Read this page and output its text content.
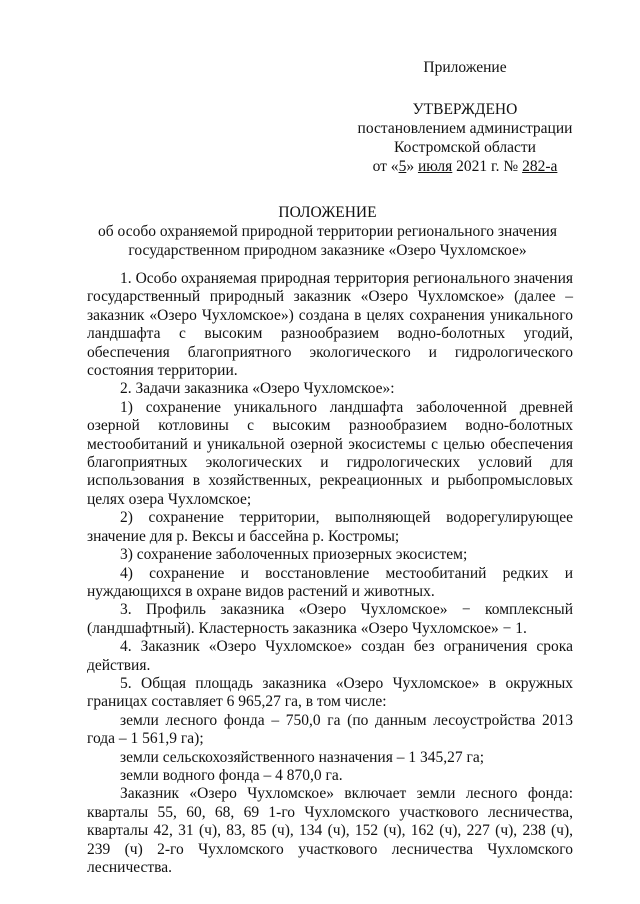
Приложение
УТВЕРЖДЕНО
постановлением администрации
Костромской области
от «5» июля 2021 г. № 282-а
ПОЛОЖЕНИЕ
об особо охраняемой природной территории регионального значения
государственном природном заказнике «Озеро Чухломское»

1. Особо охраняемая природная территория регионального значения государственный природный заказник «Озеро Чухломское» (далее – заказник «Озеро Чухломское») создана в целях сохранения уникального ландшафта с высоким разнообразием водно-болотных угодий, обеспечения благоприятного экологического и гидрологического состояния территории.

2. Задачи заказника «Озеро Чухломское»:

1) сохранение уникального ландшафта заболоченной древней озерной котловины с высоким разнообразием водно-болотных местообитаний и уникальной озерной экосистемы с целью обеспечения благоприятных экологических и гидрологических условий для использования в хозяйственных, рекреационных и рыбопромысловых целях озера Чухломское;

2) сохранение территории, выполняющей водорегулирующее значение для р. Вексы и бассейна р. Костромы;

3) сохранение заболоченных приозерных экосистем;

4) сохранение и восстановление местообитаний редких и нуждающихся в охране видов растений и животных.

3. Профиль заказника «Озеро Чухломское» − комплексный (ландшафтный). Кластерность заказника «Озеро Чухломское» − 1.

4. Заказник «Озеро Чухломское» создан без ограничения срока действия.

5. Общая площадь заказника «Озеро Чухломское» в окружных границах составляет 6 965,27 га, в том числе:

земли лесного фонда – 750,0 га (по данным лесоустройства 2013 года – 1 561,9 га);

земли сельскохозяйственного назначения – 1 345,27 га;

земли водного фонда – 4 870,0 га.

Заказник «Озеро Чухломское» включает земли лесного фонда: кварталы 55, 60, 68, 69 1-го Чухломского участкового лесничества, кварталы 42, 31 (ч), 83, 85 (ч), 134 (ч), 152 (ч), 162 (ч), 227 (ч), 238 (ч), 239 (ч) 2-го Чухломского участкового лесничества Чухломского лесничества.
